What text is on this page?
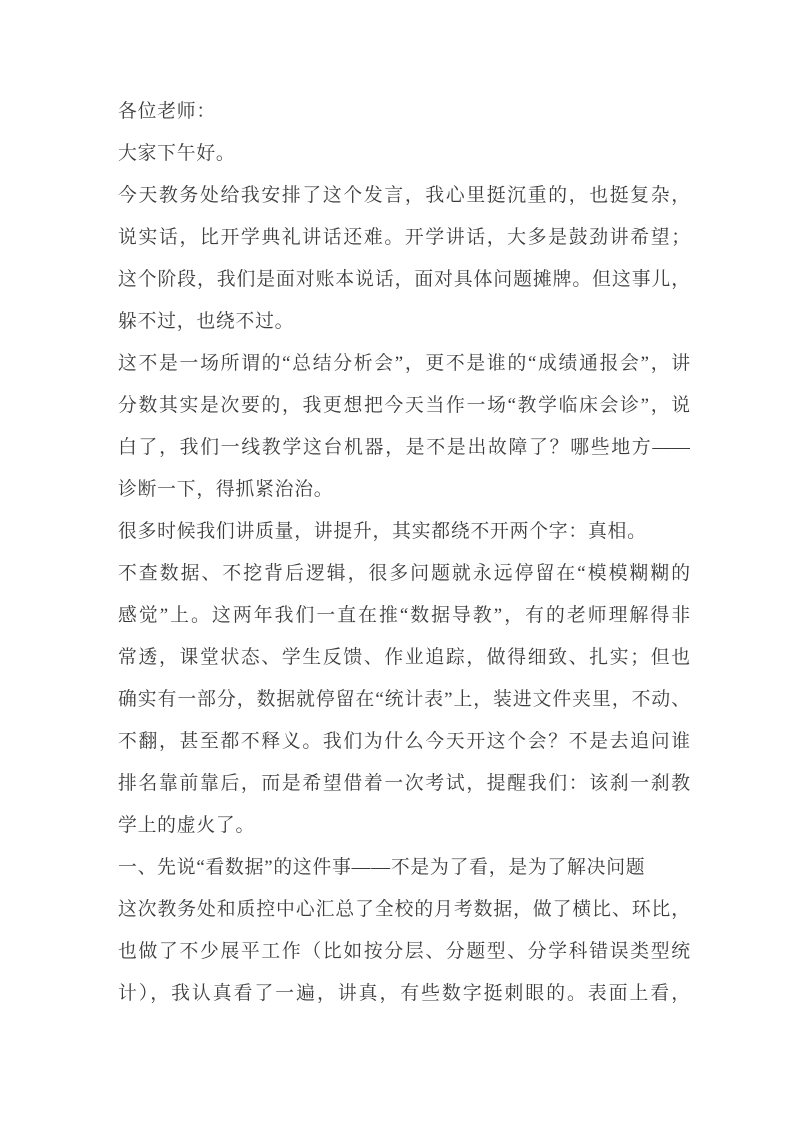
各位老师：
大家下午好。
今天教务处给我安排了这个发言，我心里挺沉重的，也挺复杂，
说实话，比开学典礼讲话还难。开学讲话，大多是鼓劲讲希望；
这个阶段，我们是面对账本说话，面对具体问题摊牌。但这事儿，
躲不过，也绕不过。
这不是一场所谓的“总结分析会”，更不是谁的“成绩通报会”，讲
分数其实是次要的，我更想把今天当作一场“教学临床会诊”，说
白了，我们一线教学这台机器，是不是出故障了？哪些地方——
诊断一下，得抓紧治治。
很多时候我们讲质量，讲提升，其实都绕不开两个字：真相。
不查数据、不挖背后逻辑，很多问题就永远停留在“模模糊糊的
感觉”上。这两年我们一直在推“数据导教”，有的老师理解得非
常透，课堂状态、学生反馈、作业追踪，做得细致、扎实；但也
确实有一部分，数据就停留在“统计表”上，装进文件夹里，不动、
不翻，甚至都不释义。我们为什么今天开这个会？不是去追问谁
排名靠前靠后，而是希望借着一次考试，提醒我们：该刹一刹教
学上的虚火了。
一、先说“看数据”的这件事——不是为了看，是为了解决问题
这次教务处和质控中心汇总了全校的月考数据，做了横比、环比，
也做了不少展平工作（比如按分层、分题型、分学科错误类型统
计），我认真看了一遍，讲真，有些数字挺刺眼的。表面上看，
